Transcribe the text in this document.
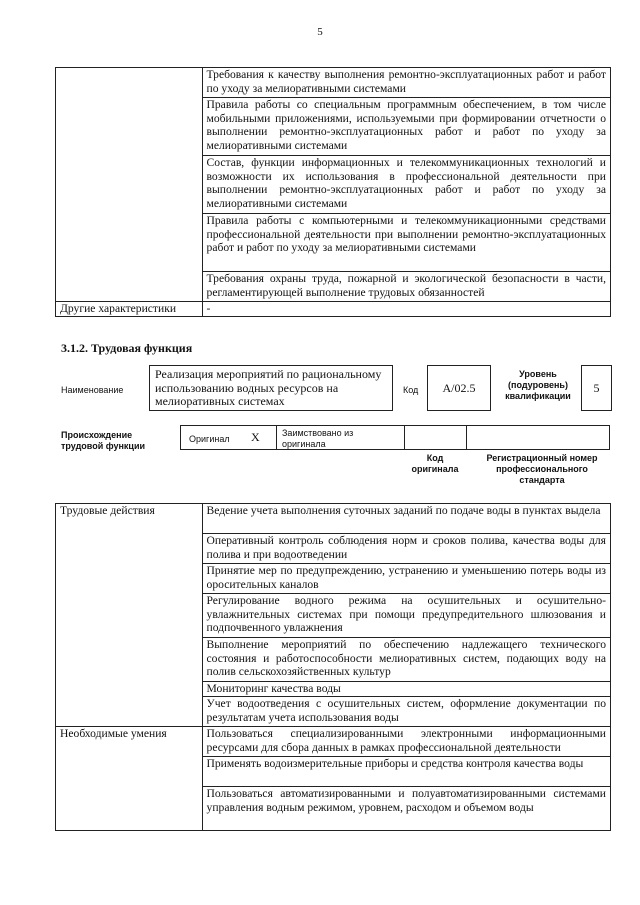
5
	Требования к качеству выполнения ремонтно-эксплуатационных работ и работ по уходу за мелиоративными системами
	Правила работы со специальным программным обеспечением, в том числе мобильными приложениями, используемыми при формировании отчетности о выполнении ремонтно-эксплуатационных работ и работ по уходу за мелиоративными системами
	Состав, функции информационных и телекоммуникационных технологий и возможности их использования в профессиональной деятельности при выполнении ремонтно-эксплуатационных работ и работ по уходу за мелиоративными системами
	Правила работы с компьютерными и телекоммуникационными средствами профессиональной деятельности при выполнении ремонтно-эксплуатационных работ и работ по уходу за мелиоративными системами
	Требования охраны труда, пожарной и экологической безопасности в части, регламентирующей выполнение трудовых обязанностей
Другие характеристики	-
3.1.2. Трудовая функция
Наименование
Реализация мероприятий по рациональному использованию водных ресурсов на мелиоративных системах
Код	А/02.5
Уровень (подуровень) квалификации
5
Происхождение трудовой функции
Оригинал X Заимствовано из оригинала
Код оригинала
Регистрационный номер профессионального стандарта
Трудовые действия	Ведение учета выполнения суточных заданий по подаче воды в пунктах выдела
	Оперативный контроль соблюдения норм и сроков полива, качества воды для полива и при водоотведении
	Принятие мер по предупреждению, устранению и уменьшению потерь воды из оросительных каналов
	Регулирование водного режима на осушительных и осушительно-увлажнительных системах при помощи предупредительного шлюзования и подпочвенного увлажнения
	Выполнение мероприятий по обеспечению надлежащего технического состояния и работоспособности мелиоративных систем, подающих воду на полив сельскохозяйственных культур
	Мониторинг качества воды
	Учет водоотведения с осушительных систем, оформление документации по результатам учета использования воды
Необходимые умения	Пользоваться специализированными электронными информационными ресурсами для сбора данных в рамках профессиональной деятельности
	Применять водоизмерительные приборы и средства контроля качества воды
	Пользоваться автоматизированными и полуавтоматизированными системами управления водным режимом, уровнем, расходом и объемом воды
